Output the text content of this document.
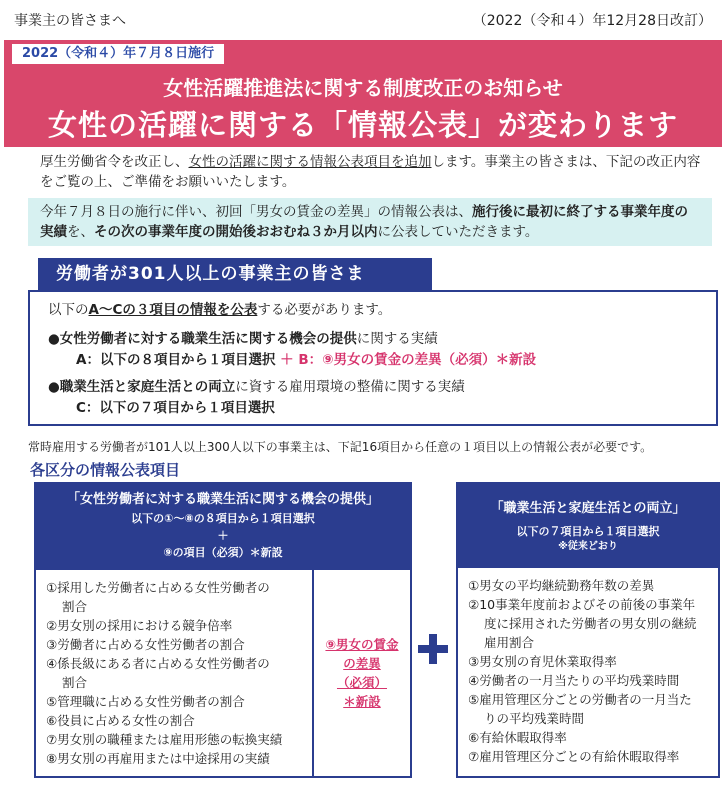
事業主の皆さまへ	（2022（令和４）年12月28日改訂）
2022（令和４）年７月８日施行
女性活躍推進法に関する制度改正のお知らせ
女性の活躍に関する「情報公表」が変わります
厚生労働省令を改正し、女性の活躍に関する情報公表項目を追加します。事業主の皆さまは、下記の改正内容をご覧の上、ご準備をお願いいたします。
今年７月８日の施行に伴い、初回「男女の賃金の差異」の情報公表は、施行後に最初に終了する事業年度の実績を、その次の事業年度の開始後おおむね３か月以内に公表していただきます。
労働者が301人以上の事業主の皆さま
以下のA～Cの３項目の情報を公表する必要があります。
●女性労働者に対する職業生活に関する機会の提供に関する実績
A：以下の８項目から１項目選択 ＋ B：⑨男女の賃金の差異（必須）＊新設
●職業生活と家庭生活との両立に資する雇用環境の整備に関する実績
C：以下の７項目から１項目選択
常時雇用する労働者が101人以上300人以下の事業主は、下記16項目から任意の１項目以上の情報公表が必要です。
各区分の情報公表項目
「女性労働者に対する職業生活に関する機会の提供」
以下の①～⑧の８項目から１項目選択
＋
⑨の項目（必須）＊新設
①採用した労働者に占める女性労働者の
割合
②男女別の採用における競争倍率
③労働者に占める女性労働者の割合
④係長級にある者に占める女性労働者の
割合
⑤管理職に占める女性労働者の割合
⑥役員に占める女性の割合
⑦男女別の職種または雇用形態の転換実績
⑧男女別の再雇用または中途採用の実績
⑨男女の賃金
の差異
（必須）
＊新設
「職業生活と家庭生活との両立」
以下の７項目から１項目選択
※従来どおり
①男女の平均継続勤務年数の差異
②10事業年度前およびその前後の事業年
度に採用された労働者の男女別の継続
雇用割合
③男女別の育児休業取得率
④労働者の一月当たりの平均残業時間
⑤雇用管理区分ごとの労働者の一月当た
りの平均残業時間
⑥有給休暇取得率
⑦雇用管理区分ごとの有給休暇取得率
